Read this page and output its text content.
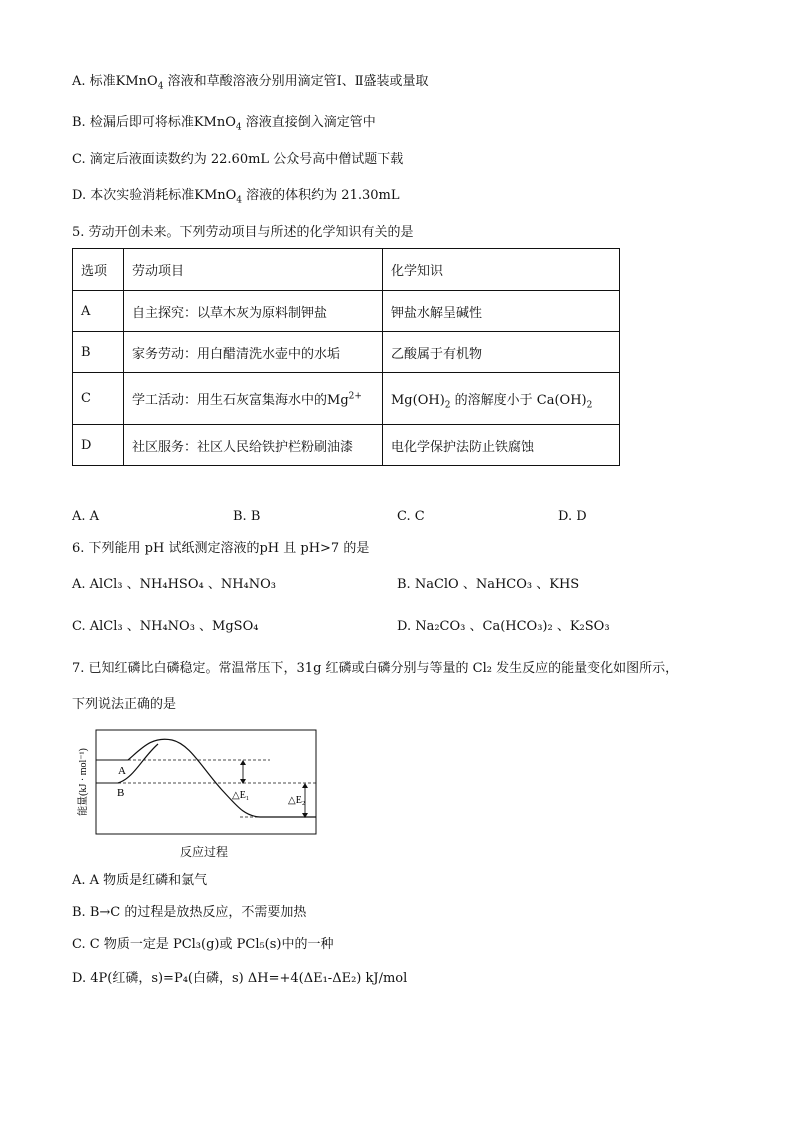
A. 标准KMnO$_4$ 溶液和草酸溶液分别用滴定管Ⅰ、Ⅱ盛装或量取
B. 检漏后即可将标准KMnO$_4$ 溶液直接倒入滴定管中
C. 滴定后液面读数约为 22.60mL 公众号高中僧试题下载
D. 本次实验消耗标准KMnO$_4$ 溶液的体积约为 21.30mL
5. 劳动开创未来。下列劳动项目与所述的化学知识有关的是
选项	劳动项目	化学知识
A	自主探究：以草木灰为原料制钾盐	钾盐水解呈碱性
B	家务劳动：用白醋清洗水壶中的水垢	乙酸属于有机物
C	学工活动：用生石灰富集海水中的$Mg^{2+}$	$Mg(OH)_2$ 的溶解度小于 $Ca(OH)_2$
D	社区服务：社区人民给铁护栏粉刷油漆	电化学保护法防止铁腐蚀
A. A	B. B	C. C	D. D
6. 下列能用 pH 试纸测定溶液的pH 且 pH>7 的是
A. AlCl₃ 、NH₄HSO₄ 、NH₄NO₃	B. NaClO 、NaHCO₃ 、KHS
C. AlCl₃ 、NH₄NO₃ 、MgSO₄	D. Na₂CO₃ 、Ca(HCO₃)₂ 、K₂SO₃
7. 已知红磷比白磷稳定。常温常压下，31g 红磷或白磷分别与等量的 Cl₂ 发生反应的能量变化如图所示，
下列说法正确的是
能量(kJ · mol⁻¹)	A
B	△E₁	△E₂
反应过程
A. A 物质是红磷和氯气
B. B→C 的过程是放热反应，不需要加热
C. C 物质一定是 PCl₃(g)或 PCl₅(s)中的一种
D. 4P(红磷，s)=P₄(白磷，s) ΔH=+4(ΔE₁-ΔE₂) kJ/mol
